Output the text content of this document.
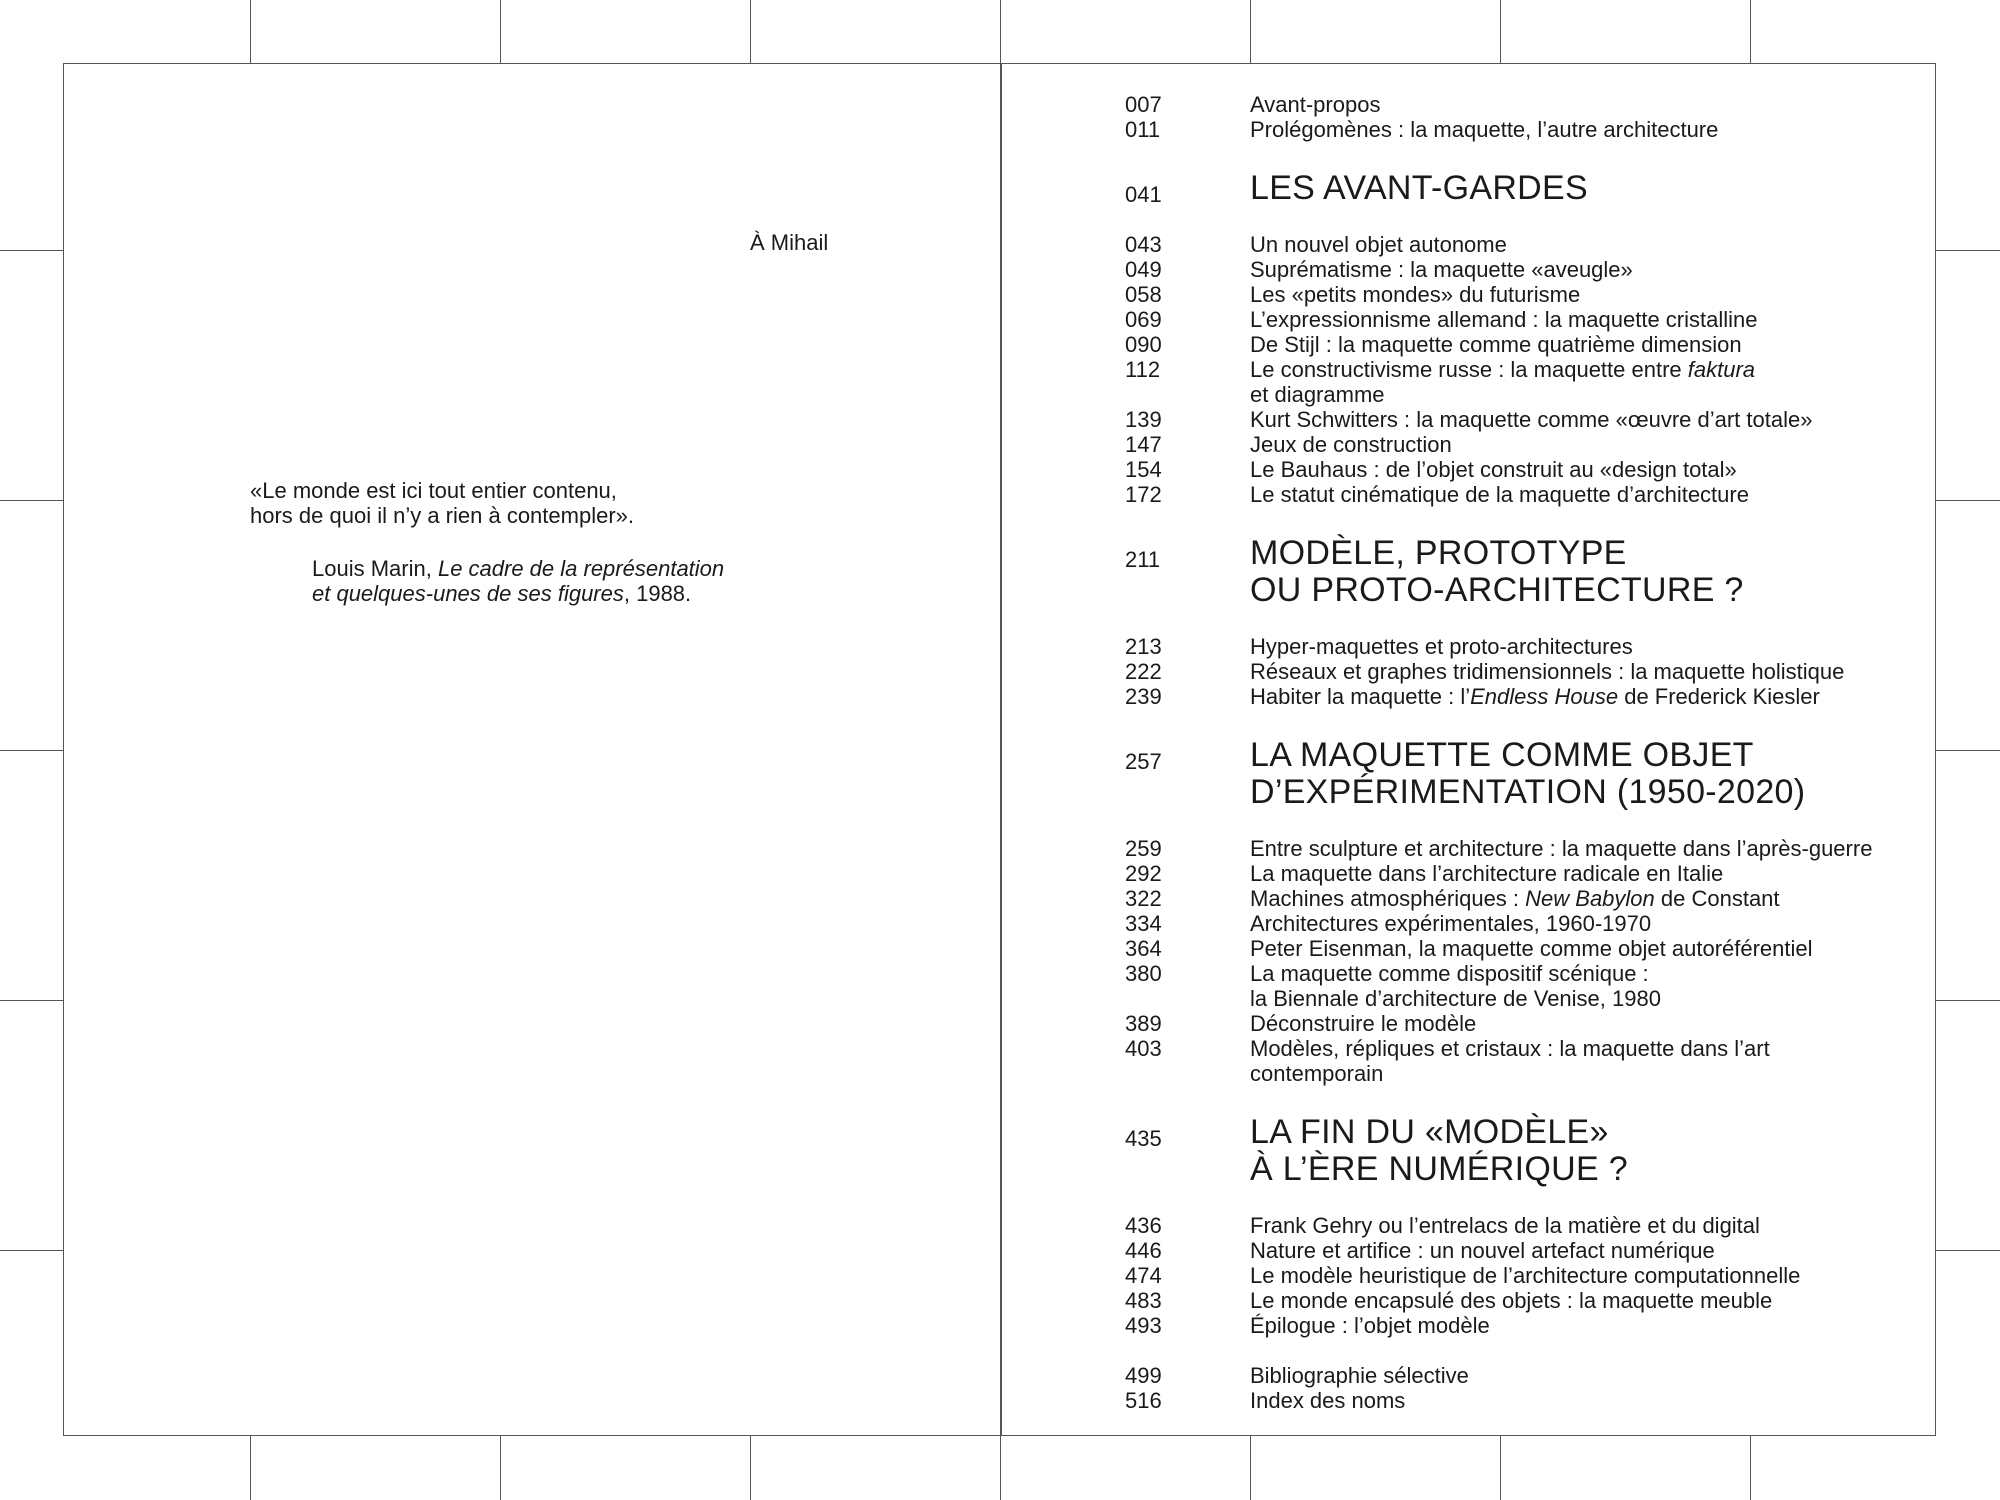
À Mihail
«Le monde est ici tout entier contenu,
hors de quoi il n’y a rien à contempler».
Louis Marin, Le cadre de la représentation
et quelques-unes de ses figures, 1988.
007	Avant-propos
011	Prolégomènes : la maquette, l’autre architecture
041	LES AVANT-GARDES
043	Un nouvel objet autonome
049	Suprématisme : la maquette «aveugle»
058	Les «petits mondes» du futurisme
069	L’expressionnisme allemand : la maquette cristalline
090	De Stijl : la maquette comme quatrième dimension
112	Le constructivisme russe : la maquette entre faktura
et diagramme
139	Kurt Schwitters : la maquette comme «œuvre d’art totale»
147	Jeux de construction
154	Le Bauhaus : de l’objet construit au «design total»
172	Le statut cinématique de la maquette d’architecture
211	MODÈLE, PROTOTYPE
OU PROTO-ARCHITECTURE ?
213	Hyper-maquettes et proto-architectures
222	Réseaux et graphes tridimensionnels : la maquette holistique
239	Habiter la maquette : l’Endless House de Frederick Kiesler
257	LA MAQUETTE COMME OBJET
D’EXPÉRIMENTATION (1950-2020)
259	Entre sculpture et architecture : la maquette dans l’après-guerre
292	La maquette dans l’architecture radicale en Italie
322	Machines atmosphériques : New Babylon de Constant
334	Architectures expérimentales, 1960-1970
364	Peter Eisenman, la maquette comme objet autoréférentiel
380	La maquette comme dispositif scénique :
la Biennale d’architecture de Venise, 1980
389	Déconstruire le modèle
403	Modèles, répliques et cristaux : la maquette dans l’art
contemporain
435	LA FIN DU «MODÈLE»
À L’ÈRE NUMÉRIQUE ?
436	Frank Gehry ou l’entrelacs de la matière et du digital
446	Nature et artifice : un nouvel artefact numérique
474	Le modèle heuristique de l’architecture computationnelle
483	Le monde encapsulé des objets : la maquette meuble
493	Épilogue : l’objet modèle
499	Bibliographie sélective
516	Index des noms
